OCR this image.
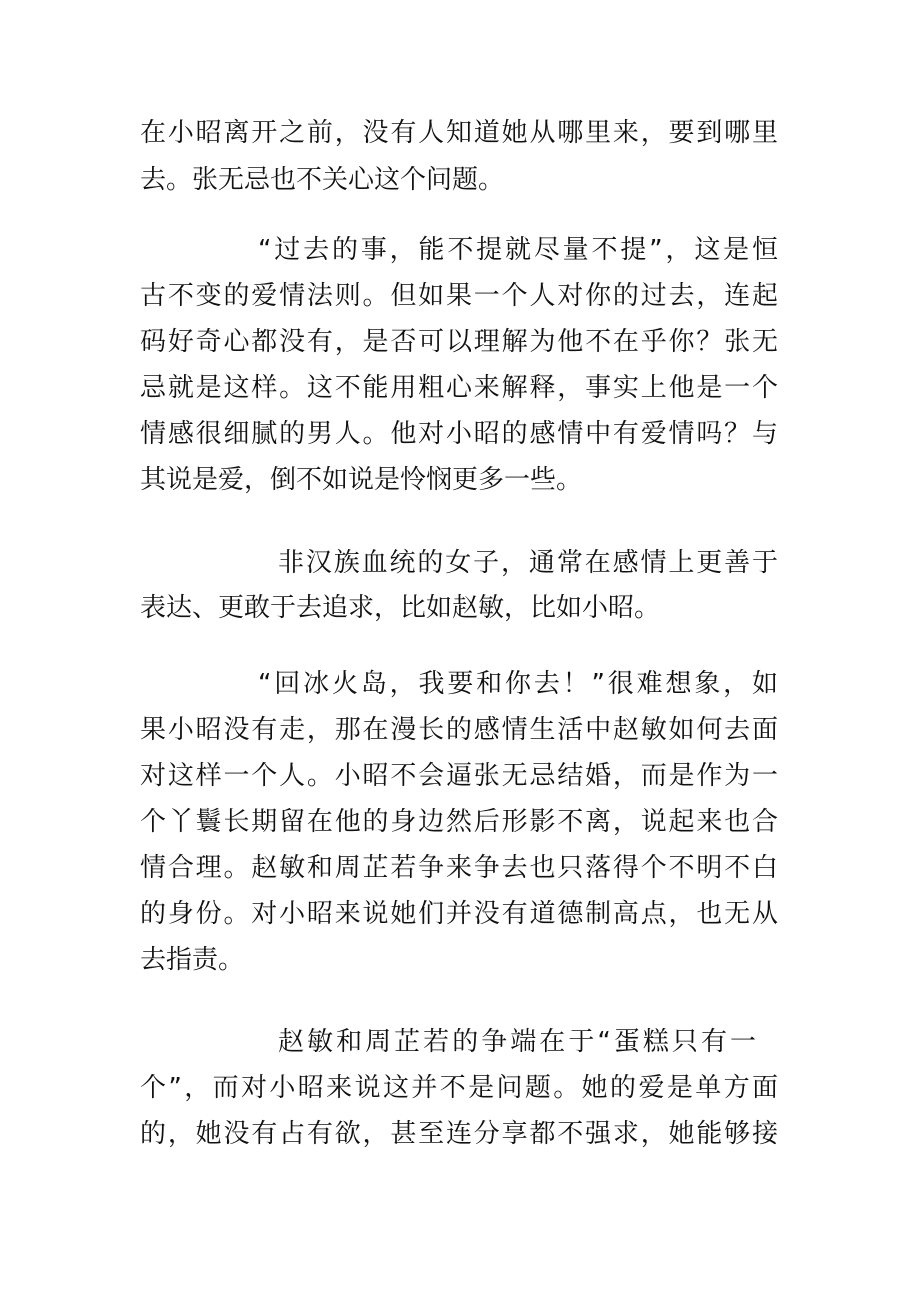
在小昭离开之前，没有人知道她从哪里来，要到哪里
去。张无忌也不关心这个问题。
“过去的事，能不提就尽量不提”，这是恒
古不变的爱情法则。但如果一个人对你的过去，连起
码好奇心都没有，是否可以理解为他不在乎你？张无
忌就是这样。这不能用粗心来解释，事实上他是一个
情感很细腻的男人。他对小昭的感情中有爱情吗？与
其说是爱，倒不如说是怜悯更多一些。
非汉族血统的女子，通常在感情上更善于
表达、更敢于去追求，比如赵敏，比如小昭。
“回冰火岛，我要和你去！”很难想象，如
果小昭没有走，那在漫长的感情生活中赵敏如何去面
对这样一个人。小昭不会逼张无忌结婚，而是作为一
个丫鬟长期留在他的身边然后形影不离，说起来也合
情合理。赵敏和周芷若争来争去也只落得个不明不白
的身份。对小昭来说她们并没有道德制高点，也无从
去指责。
赵敏和周芷若的争端在于“蛋糕只有一
个”，而对小昭来说这并不是问题。她的爱是单方面
的，她没有占有欲，甚至连分享都不强求，她能够接
